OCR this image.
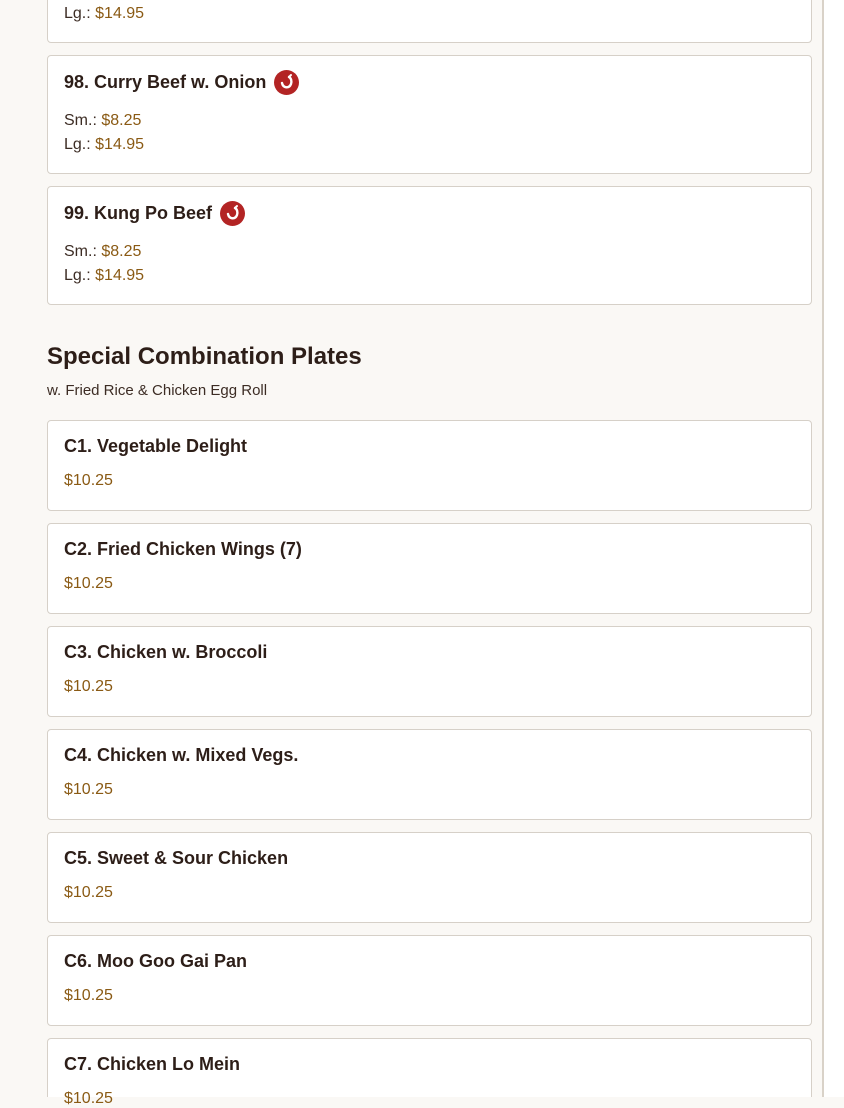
Lg.: $14.95
98. Curry Beef w. Onion
Sm.: $8.25
Lg.: $14.95
99. Kung Po Beef
Sm.: $8.25
Lg.: $14.95
Special Combination Plates
w. Fried Rice & Chicken Egg Roll
C1. Vegetable Delight
$10.25
C2. Fried Chicken Wings (7)
$10.25
C3. Chicken w. Broccoli
$10.25
C4. Chicken w. Mixed Vegs.
$10.25
C5. Sweet & Sour Chicken
$10.25
C6. Moo Goo Gai Pan
$10.25
C7. Chicken Lo Mein
$10.25
